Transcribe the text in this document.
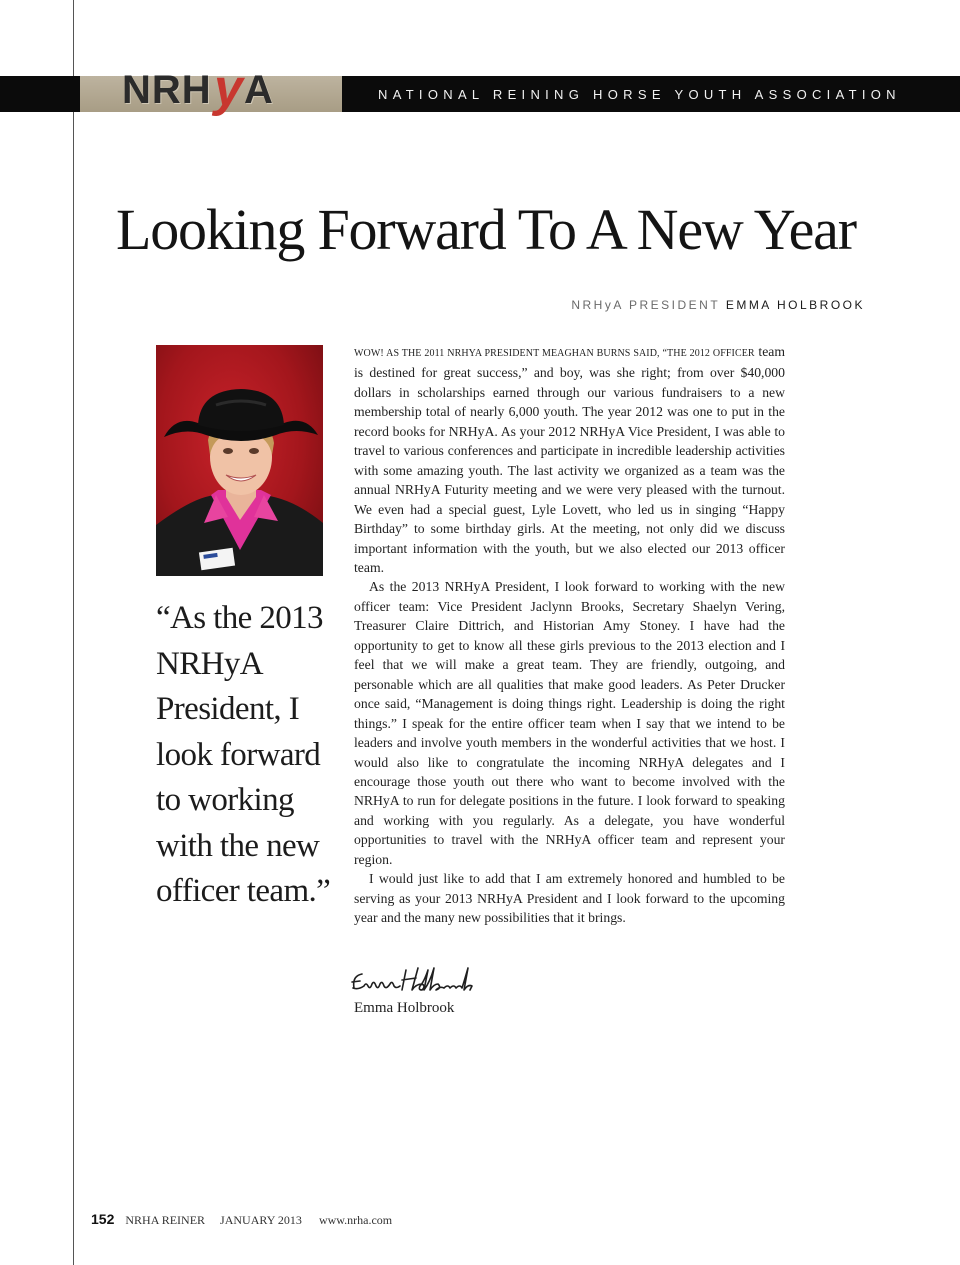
NRH y A	NATIONAL REINING HORSE YOUTH ASSOCIATION
Looking Forward To A New Year
NRHyA PRESIDENT EMMA HOLBROOK

“As the 2013 NRHyA President, I look forward to working with the new officer team.”

WOW! AS THE 2011 NRHYA PRESIDENT MEAGHAN BURNS SAID, “THE 2012 OFFICER team is destined for great success,” and boy, was she right; from over $40,000 dollars in scholarships earned through our various fundraisers to a new membership total of nearly 6,000 youth. The year 2012 was one to put in the record books for NRHyA. As your 2012 NRHyA Vice President, I was able to travel to various conferences and participate in incredible leadership activities with some amazing youth. The last activity we organized as a team was the annual NRHyA Futurity meeting and we were very pleased with the turnout. We even had a special guest, Lyle Lovett, who led us in singing “Happy Birthday” to some birthday girls. At the meeting, not only did we discuss important information with the youth, but we also elected our 2013 officer team.

As the 2013 NRHyA President, I look forward to working with the new officer team: Vice President Jaclynn Brooks, Secretary Shaelyn Vering, Treasurer Claire Dittrich, and Historian Amy Stoney. I have had the opportunity to get to know all these girls previous to the 2013 election and I feel that we will make a great team. They are friendly, outgoing, and personable which are all qualities that make good leaders. As Peter Drucker once said, “Management is doing things right. Leadership is doing the right things.” I speak for the entire officer team when I say that we intend to be leaders and involve youth members in the wonderful activities that we host. I would also like to congratulate the incoming NRHyA delegates and I encourage those youth out there who want to become involved with the NRHyA to run for delegate positions in the future. I look forward to speaking and working with you regularly. As a delegate, you have wonderful opportunities to travel with the NRHyA officer team and represent your region.

I would just like to add that I am extremely honored and humbled to be serving as your 2013 NRHyA President and I look forward to the upcoming year and the many new possibilities that it brings.

Emma Holbrook
152 NRHA REINER JANUARY 2013 www.nrha.com
